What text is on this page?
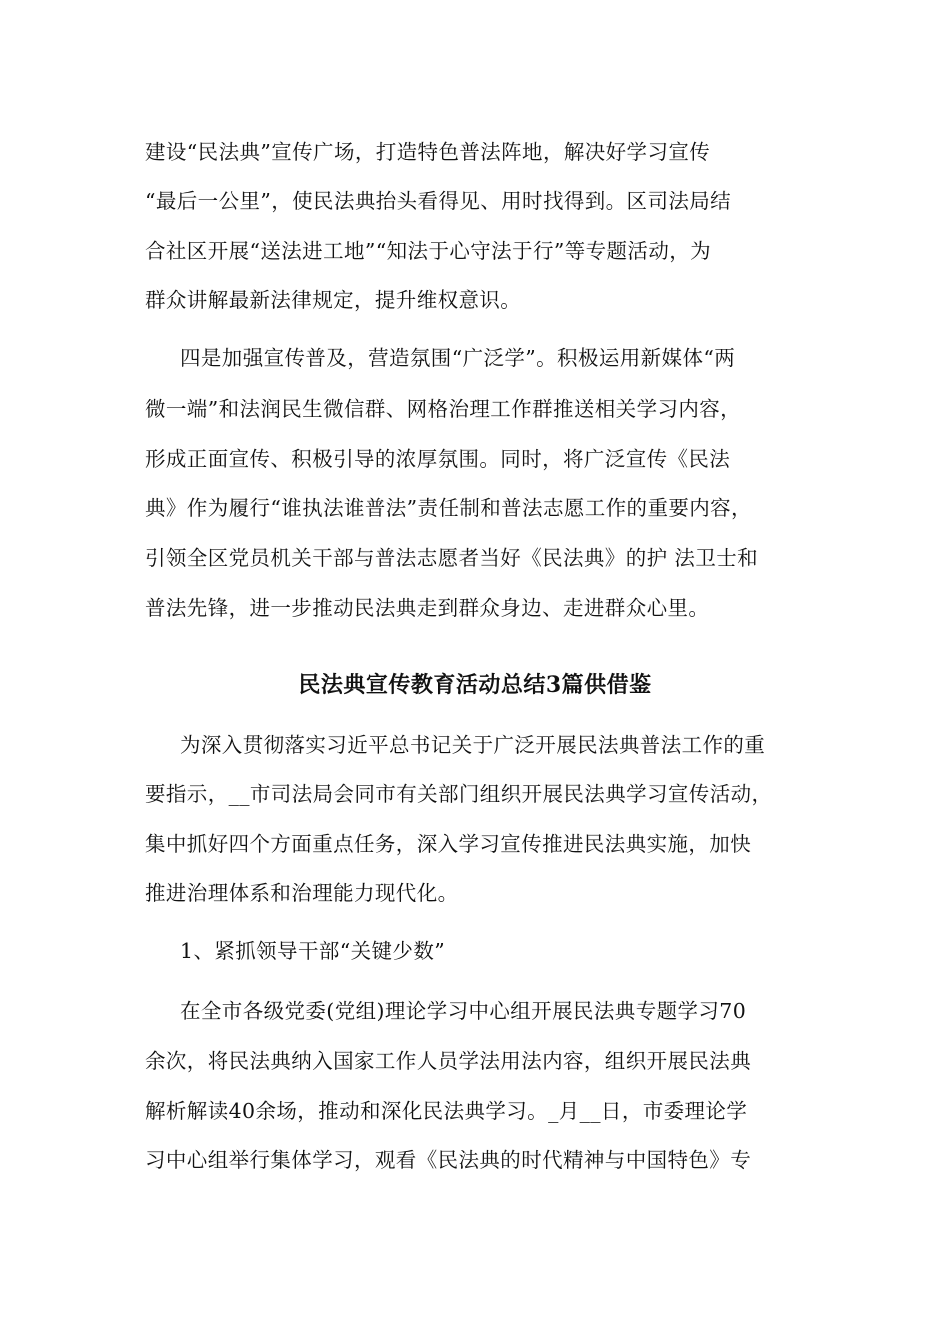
建设“民法典”宣传广场，打造特色普法阵地，解决好学习宣传
“最后一公里”，使民法典抬头看得见、用时找得到。区司法局结
合社区开展“送法进工地”“知法于心守法于行”等专题活动，为
群众讲解最新法律规定，提升维权意识。
四是加强宣传普及，营造氛围“广泛学”。积极运用新媒体“两
微一端”和法润民生微信群、网格治理工作群推送相关学习内容，
形成正面宣传、积极引导的浓厚氛围。同时，将广泛宣传《民法
典》作为履行“谁执法谁普法”责任制和普法志愿工作的重要内容，
引领全区党员机关干部与普法志愿者当好《民法典》的护 法卫士和
普法先锋，进一步推动民法典走到群众身边、走进群众心里。
民法典宣传教育活动总结3篇供借鉴
为深入贯彻落实习近平总书记关于广泛开展民法典普法工作的重
要指示，__市司法局会同市有关部门组织开展民法典学习宣传活动，
集中抓好四个方面重点任务，深入学习宣传推进民法典实施，加快
推进治理体系和治理能力现代化。
1、紧抓领导干部“关键少数”
在全市各级党委(党组)理论学习中心组开展民法典专题学习70
余次，将民法典纳入国家工作人员学法用法内容，组织开展民法典
解析解读40余场，推动和深化民法典学习。_月__日，市委理论学
习中心组举行集体学习，观看《民法典的时代精神与中国特色》专
